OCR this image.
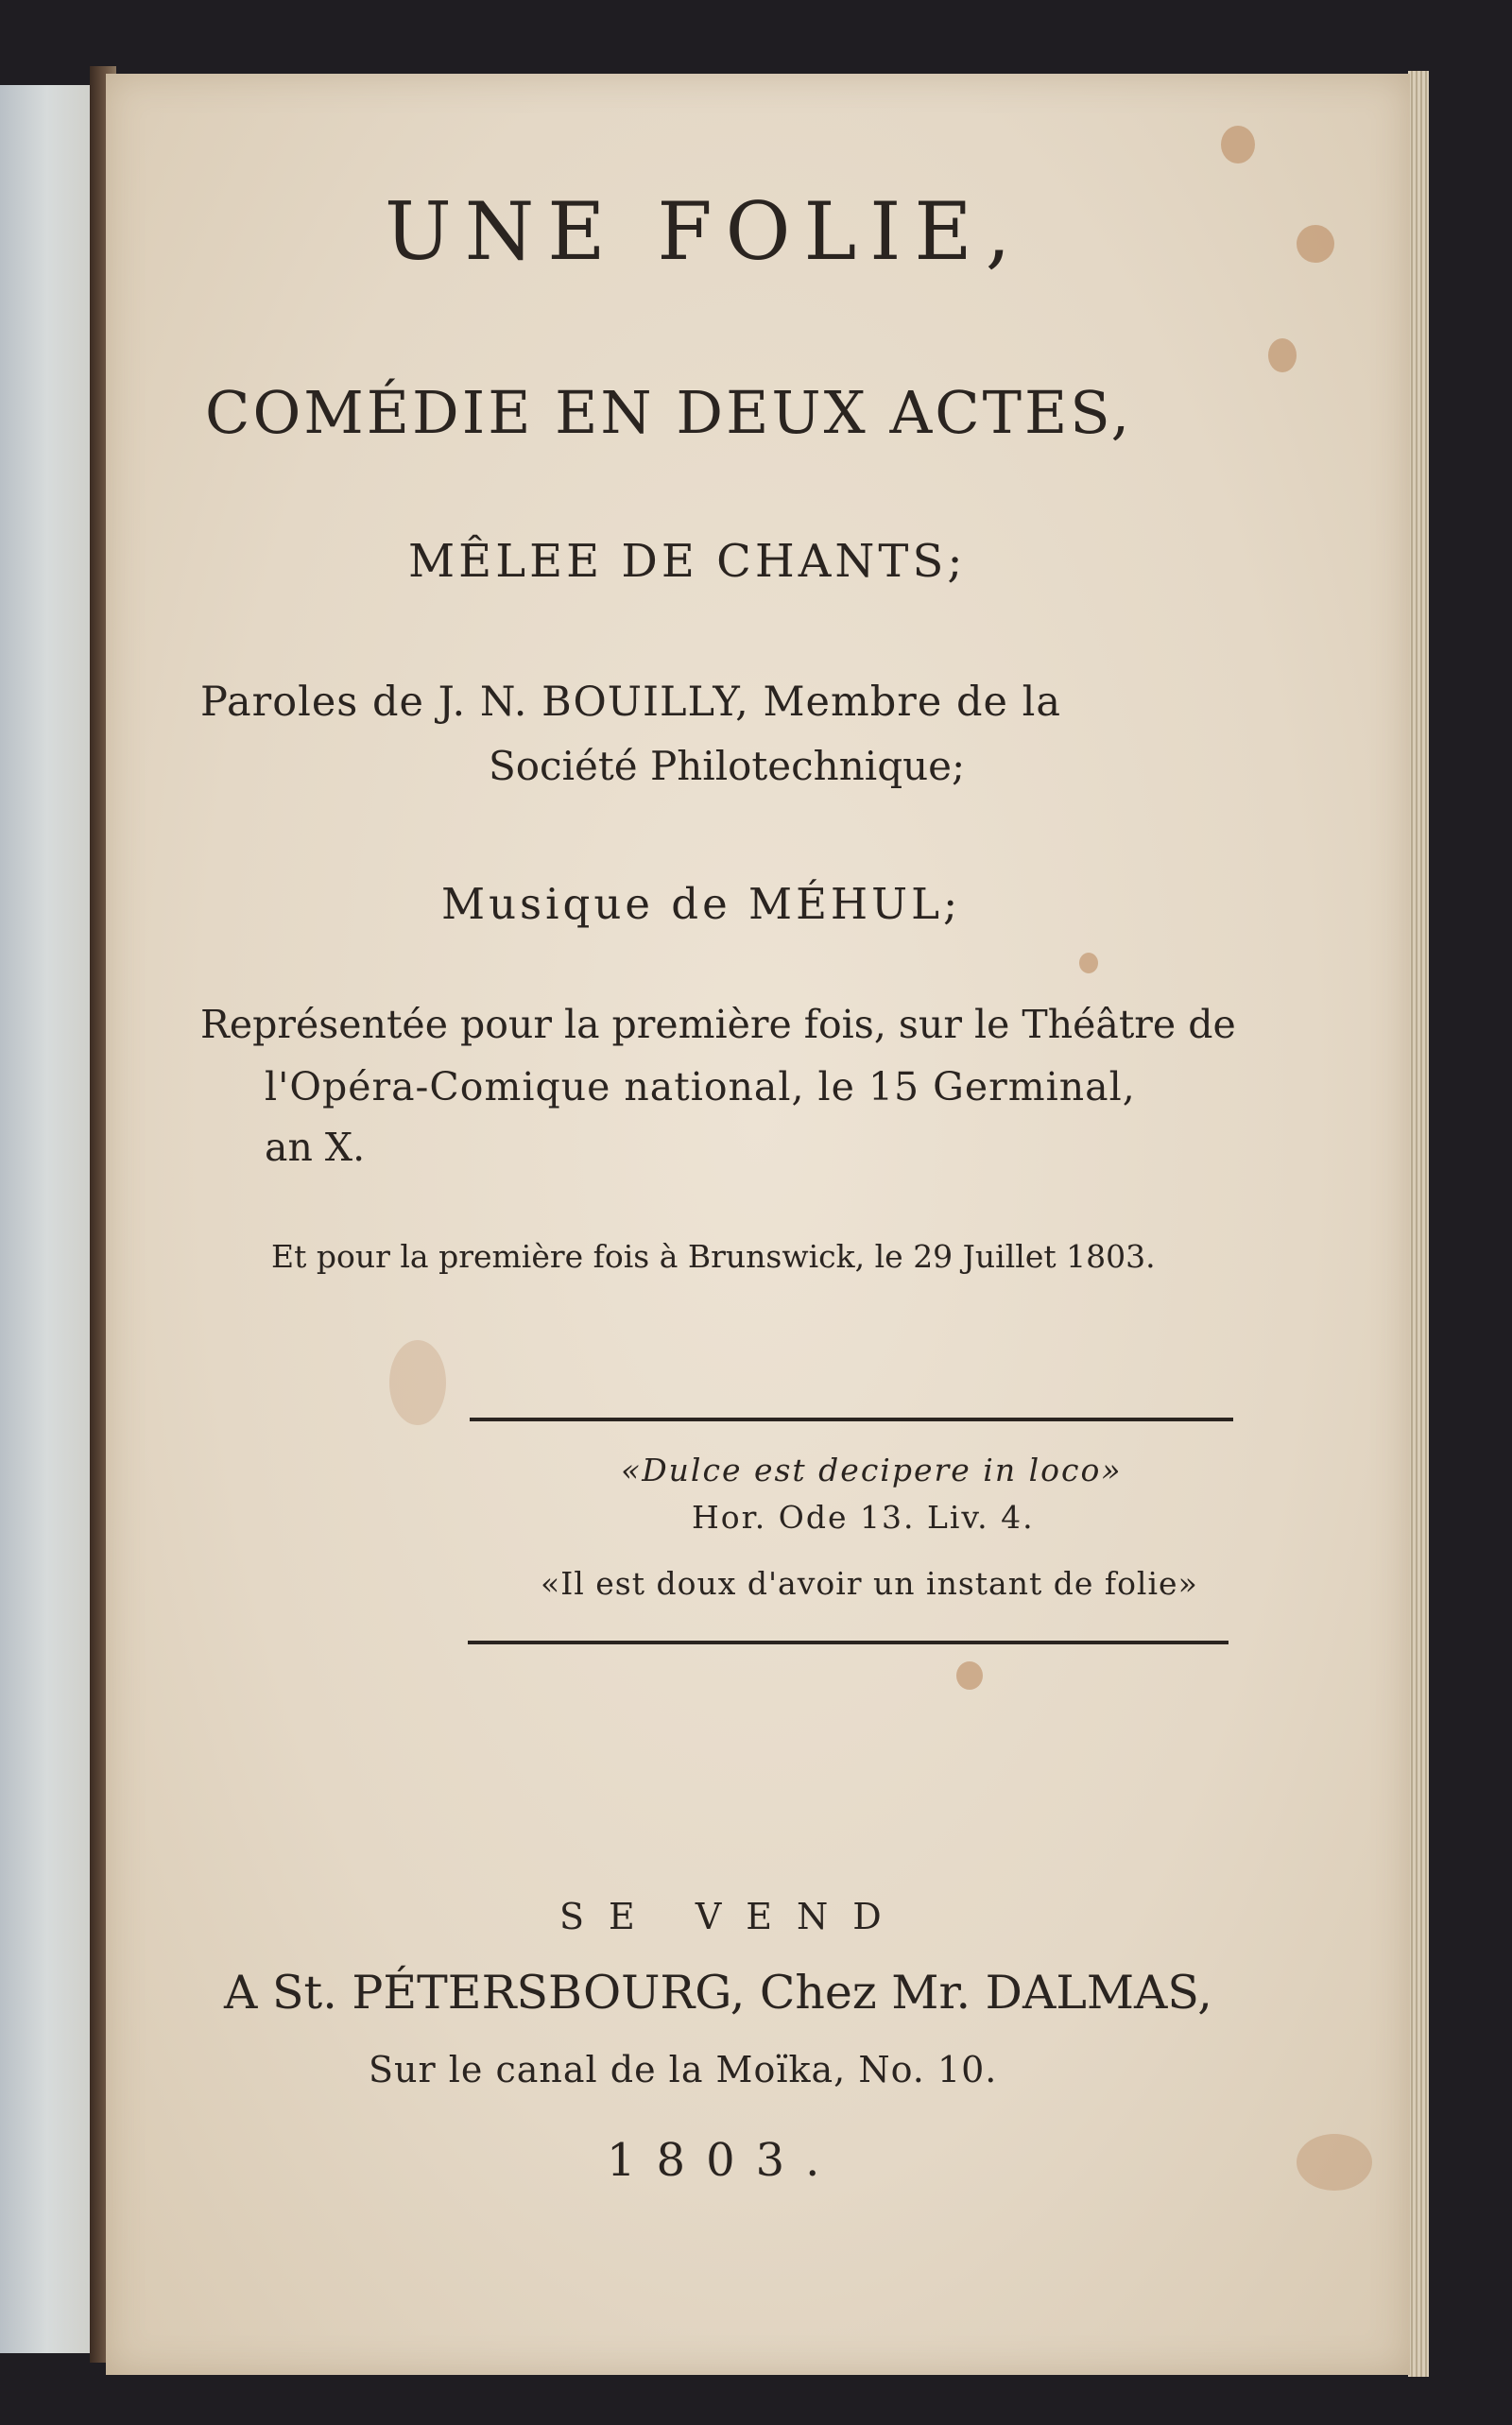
UNE FOLIE,
COMÉDIE EN DEUX ACTES,
MÊLEE DE CHANTS;
Paroles de J. N. BOUILLY, Membre de la
Société Philotechnique;
Musique de MÉHUL;
Représentée pour la première fois, sur le Théâtre de
l'Opéra-Comique national, le 15 Germinal,
an X.
Et pour la première fois à Brunswick, le 29 Juillet 1803.
«Dulce est decipere in loco»
Hor. Ode 13. Liv. 4.
«Il est doux d'avoir un instant de folie»
SE VEND
A St. PÉTERSBOURG, Chez Mr. DALMAS,
Sur le canal de la Moïka, No. 10.
1803.
